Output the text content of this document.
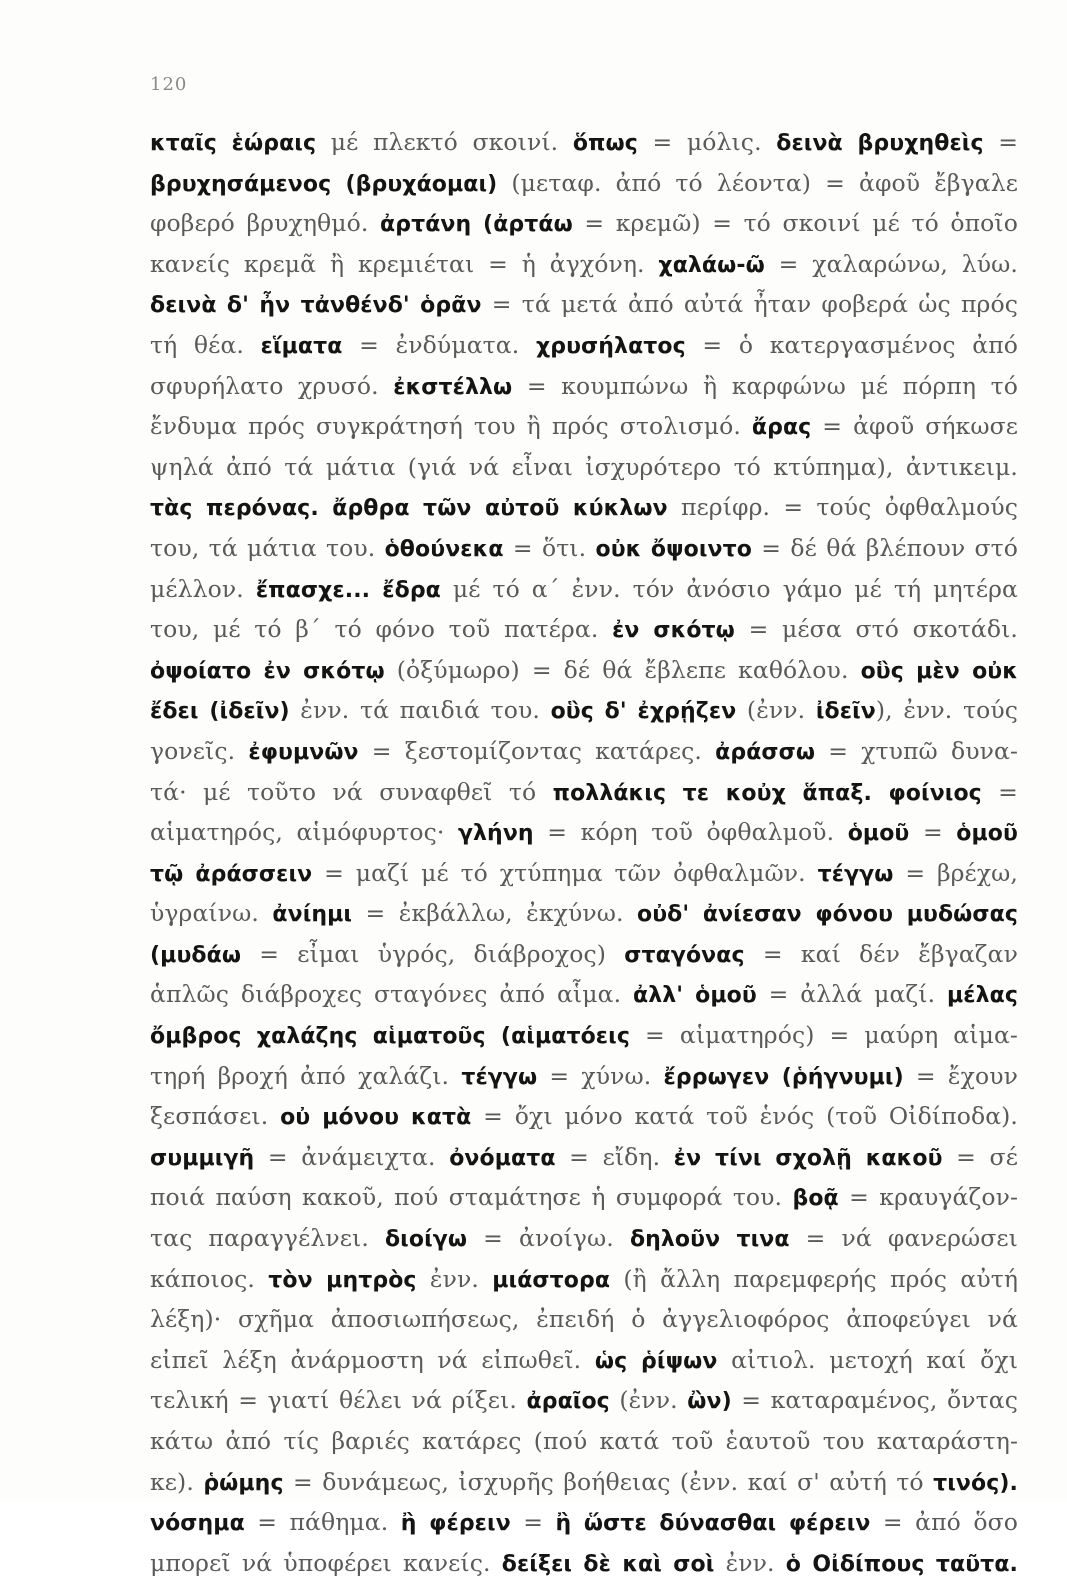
120
κταῖς ἑώραις μέ πλεκτό σκοινί. ὅπως = μόλις. δεινὰ βρυχηθεὶς =
βρυχησάμενος (βρυχάομαι) (μεταφ. ἀπό τό λέοντα) = ἀφοῦ ἔβγαλε
φοβερό βρυχηθμό. ἀρτάνη (ἀρτάω = κρεμῶ) = τό σκοινί μέ τό ὁποῖο
κανείς κρεμᾶ ἢ κρεμιέται = ἡ ἀγχόνη. χαλάω-ῶ = χαλαρώνω, λύω.
δεινὰ δ' ἦν τἀνθένδ' ὁρᾶν = τά μετά ἀπό αὐτά ἦταν φοβερά ὡς πρός
τή θέα. εἵματα = ἐνδύματα. χρυσήλατος = ὁ κατεργασμένος ἀπό
σφυρήλατο χρυσό. ἐκστέλλω = κουμπώνω ἢ καρφώνω μέ πόρπη τό
ἔνδυμα πρός συγκράτησή του ἢ πρός στολισμό. ἄρας = ἀφοῦ σήκωσε
ψηλά ἀπό τά μάτια (γιά νά εἶναι ἰσχυρότερο τό κτύπημα), ἀντικειμ.
τὰς περόνας. ἄρθρα τῶν αὐτοῦ κύκλων περίφρ. = τούς ὀφθαλμούς
του, τά μάτια του. ὁθούνεκα = ὅτι. οὐκ ὄψοιντο = δέ θά βλέπουν στό
μέλλον. ἔπασχε... ἔδρα μέ τό α΄ ἐνν. τόν ἀνόσιο γάμο μέ τή μητέρα
του, μέ τό β΄ τό φόνο τοῦ πατέρα. ἐν σκότῳ = μέσα στό σκοτάδι.
ὀψοίατο ἐν σκότῳ (ὀξύμωρο) = δέ θά ἔβλεπε καθόλου. οὓς μὲν οὐκ
ἔδει (ἰδεῖν) ἐνν. τά παιδιά του. οὓς δ' ἐχρῄζεν (ἐνν. ἰδεῖν), ἐνν. τούς
γονεῖς. ἐφυμνῶν = ξεστομίζοντας κατάρες. ἀράσσω = χτυπῶ δυνα-
τά· μέ τοῦτο νά συναφθεῖ τό πολλάκις τε κοὐχ ἅπαξ. φοίνιος =
αἱματηρός, αἱμόφυρτος· γλήνη = κόρη τοῦ ὀφθαλμοῦ. ὁμοῦ = ὁμοῦ
τῷ ἀράσσειν = μαζί μέ τό χτύπημα τῶν ὀφθαλμῶν. τέγγω = βρέχω,
ὑγραίνω. ἀνίημι = ἐκβάλλω, ἐκχύνω. οὐδ' ἀνίεσαν φόνου μυδώσας
(μυδάω = εἶμαι ὑγρός, διάβροχος) σταγόνας = καί δέν ἔβγαζαν
ἁπλῶς διάβροχες σταγόνες ἀπό αἷμα. ἀλλ' ὁμοῦ = ἀλλά μαζί. μέλας
ὄμβρος χαλάζης αἱματοῦς (αἱματόεις = αἱματηρός) = μαύρη αἱμα-
τηρή βροχή ἀπό χαλάζι. τέγγω = χύνω. ἔρρωγεν (ῥήγνυμι) = ἔχουν
ξεσπάσει. οὐ μόνου κατὰ = ὄχι μόνο κατά τοῦ ἑνός (τοῦ Οἰδίποδα).
συμμιγῆ = ἀνάμειχτα. ὀνόματα = εἴδη. ἐν τίνι σχολῇ κακοῦ = σέ
ποιά παύση κακοῦ, πού σταμάτησε ἡ συμφορά του. βοᾷ = κραυγάζον-
τας παραγγέλνει. διοίγω = ἀνοίγω. δηλοῦν τινα = νά φανερώσει
κάποιος. τὸν μητρὸς ἐνν. μιάστορα (ἢ ἄλλη παρεμφερής πρός αὐτή
λέξη)· σχῆμα ἀποσιωπήσεως, ἐπειδή ὁ ἀγγελιοφόρος ἀποφεύγει νά
εἰπεῖ λέξη ἀνάρμοστη νά εἰπωθεῖ. ὡς ῥίψων αἰτιολ. μετοχή καί ὄχι
τελική = γιατί θέλει νά ρίξει. ἀραῖος (ἐνν. ὢν) = καταραμένος, ὄντας
κάτω ἀπό τίς βαριές κατάρες (πού κατά τοῦ ἑαυτοῦ του καταράστη-
κε). ῥώμης = δυνάμεως, ἰσχυρῆς βοήθειας (ἐνν. καί σ' αὐτή τό τινός).
νόσημα = πάθημα. ἢ φέρειν = ἢ ὥστε δύνασθαι φέρειν = ἀπό ὅσο
μπορεῖ νά ὑποφέρει κανείς. δείξει δὲ καὶ σοὶ ἐνν. ὁ Οἰδίπους ταῦτα.
